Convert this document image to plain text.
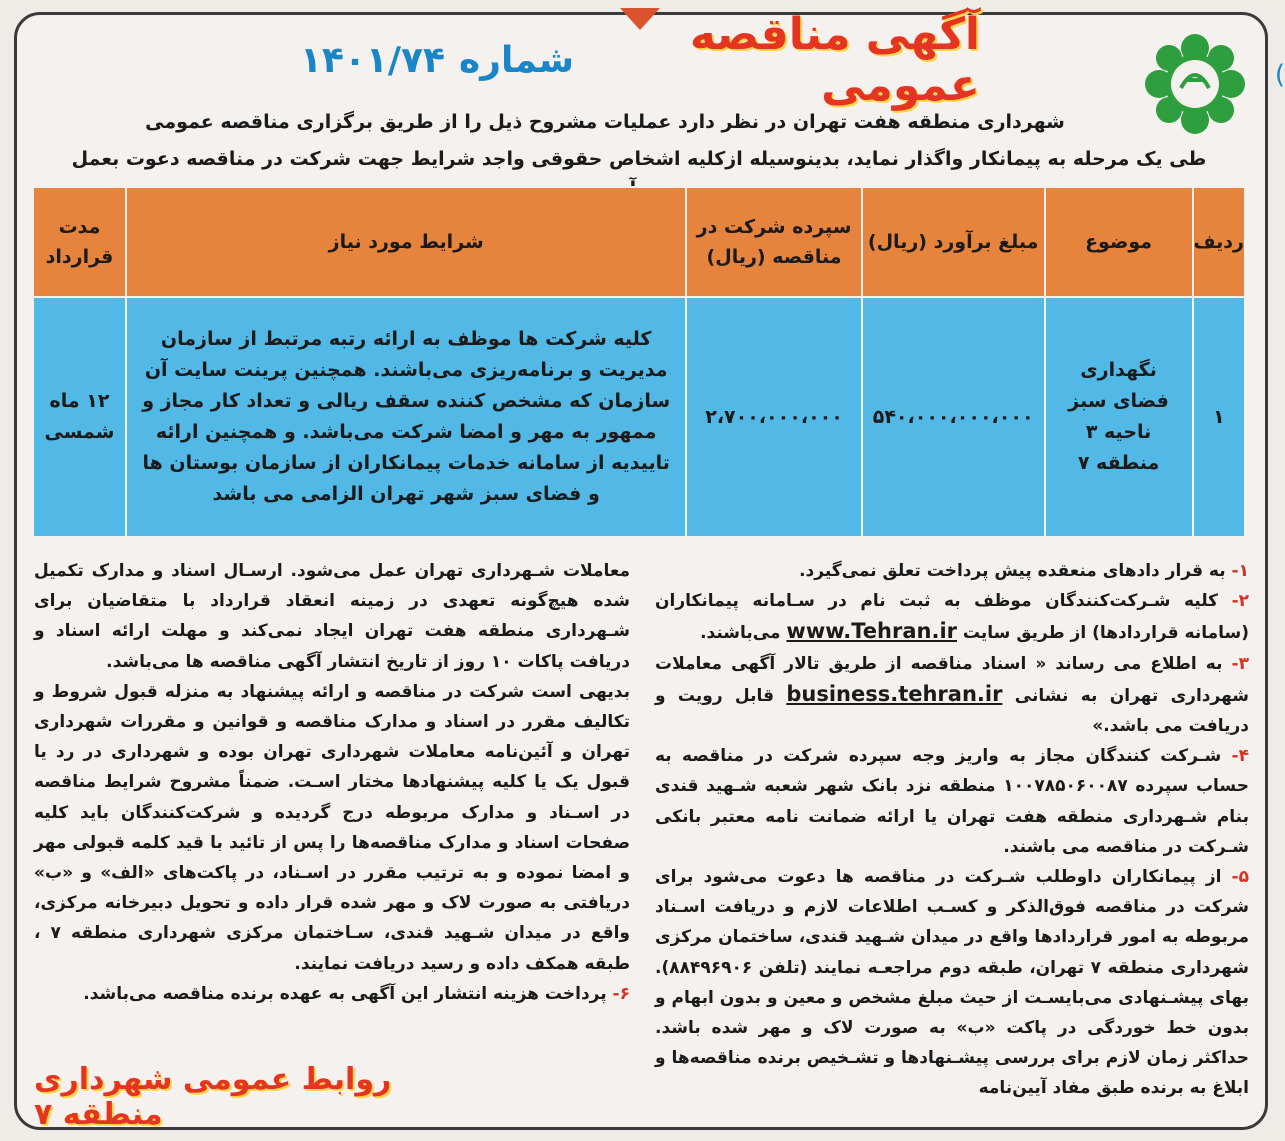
)
آگهی مناقصه عمومی
شماره
۱۴۰۱/۷۴
شهرداری منطقه هفت تهران در نظر دارد عملیات مشروح ذیل را از طریق برگزاری مناقصه عمومی
طی یک مرحله به پیمانکار واگذار نماید، بدینوسیله ازکلیه اشخاص حقوقی واجد شرایط جهت شرکت در مناقصه دعوت بعمل
ردیف	موضوع	مبلغ برآورد (ریال)	سپرده شرکت در مناقصه (ریال)	شرایط مورد نیاز	مدت قرارداد
۱	نگهداری فضای سبز ناحیه ۳ منطقه ۷	۵۴۰،۰۰۰،۰۰۰،۰۰۰	۲،۷۰۰،۰۰۰،۰۰۰	کلیه شرکت ها موظف به ارائه رتبه مرتبط از سازمان مدیریت و برنامه‌ریزی می‌باشند. همچنین پرینت سایت آن سازمان که مشخص کننده سقف ریالی و تعداد کار مجاز و ممهور به مهر و امضا شرکت می‌باشد. و همچنین ارائه تاییدیه از سامانه خدمات پیمانکاران از سازمان بوستان ها و فضای سبز شهر تهران الزامی می باشد	۱۲ ماه شمسی
۱- به قرار دادهای منعقده پیش پرداخت تعلق نمی‌گیرد.
۲- کلیه شـرکت‌کنندگان موظف به ثبت نام در سـامانه پیمانکاران (سامانه قراردادها) از طریق سایت www.Tehran.ir می‌باشند.
۳- به اطلاع می رساند « اسناد مناقصه از طریق تالار آگهی معاملات شهرداری تهران به نشانی business.tehran.ir قابل رویت و دریافت می باشد.»
۴- شـرکت کنندگان مجاز به واریز وجه سپرده شرکت در مناقصه به حساب سپرده ۱۰۰۷۸۵۰۶۰۰۸۷ منطقه نزد بانک شهر شعبه شـهید قندی بنام شـهرداری منطقه هفت تهران یا ارائه ضمانت نامه معتبر بانکی شـرکت در مناقصه می باشند.
۵- از پیمانکاران داوطلب شـرکت در مناقصه ها دعوت می‌شود برای شرکت در مناقصه فوق‌الذکر و کسـب اطلاعات لازم و دریافت اسـناد مربوطه به امور قراردادها واقع در میدان شـهید قندی، ساختمان مرکزی شهرداری منطقه ۷ تهران، طبقه دوم مراجعـه نمایند (تلفن ۸۸۴۹۶۹۰۶). بهای پیشـنهادی می‌بایسـت از حیث مبلغ مشخص و معین و بدون ابهام و بدون خط خوردگی در پاکت «ب» به صورت لاک و مهر شده باشد. حداکثر زمان لازم برای بررسی پیشـنهادها و تشـخیص برنده مناقصه‌ها و ابلاغ به برنده طبق مفاد آیین‌نامه
معاملات شـهرداری تهران عمل می‌شود. ارسـال اسناد و مدارک تکمیل شده هیچ‌گونه تعهدی در زمینه انعقاد قرارداد با متقاضیان برای شـهرداری منطقه هفت تهران ایجاد نمی‌کند و مهلت ارائه اسناد و دریافت پاکات ۱۰ روز از تاریخ انتشار آگهی مناقصه ها می‌باشد.
بدیهی است شرکت در مناقصه و ارائه پیشنهاد به منزله قبول شروط و تکالیف مقرر در اسناد و مدارک مناقصه و قوانین و مقررات شهرداری تهران و آئین‌نامه معاملات شهرداری تهران بوده و شهرداری در رد یا قبول یک یا کلیه پیشنهادها مختار اسـت. ضمناً مشروح شرایط مناقصه در اسـناد و مدارک مربوطه درج گردیده و شرکت‌کنندگان باید کلیه صفحات اسناد و مدارک مناقصه‌ها را پس از تائید با قید کلمه قبولی مهر و امضا نموده و به ترتیب مقرر در اسـناد، در پاکت‌های «الف» و «ب» دریافتی به صورت لاک و مهر شده قرار داده و تحویل دبیرخانه مرکزی، واقع در میدان شـهید قندی، سـاختمان مرکزی شهرداری منطقه ۷ ، طبقه همکف داده و رسید دریافت نمایند.
۶- پرداخت هزینه انتشار این آگهی به عهده برنده مناقصه می‌باشد.
روابط عمومی شهرداری منطقه ۷
